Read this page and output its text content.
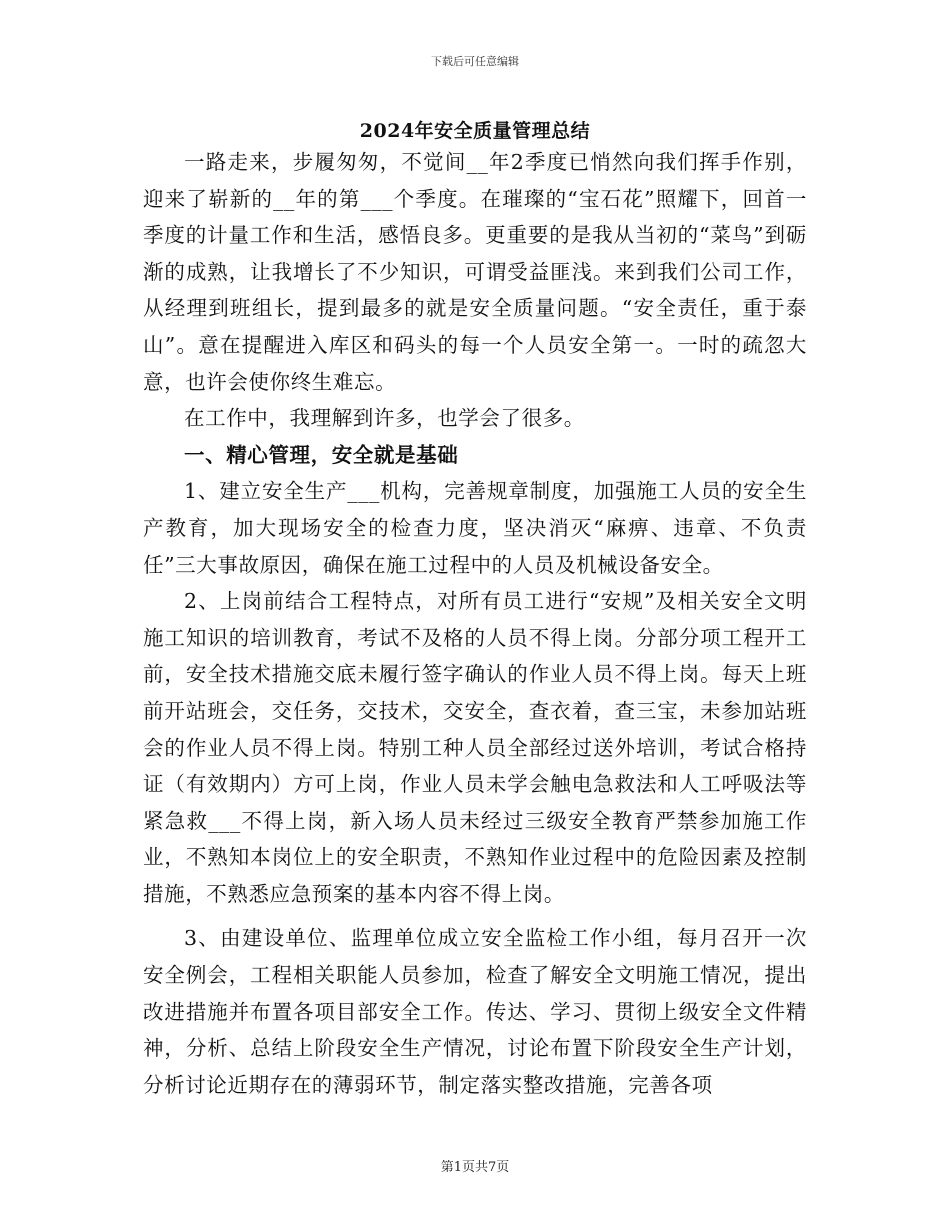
下载后可任意编辑
2024年安全质量管理总结

一路走来，步履匆匆，不觉间__年2季度已悄然向我们挥手作别，迎来了崭新的__年的第___个季度。在璀璨的“宝石花”照耀下，回首一季度的计量工作和生活，感悟良多。更重要的是我从当初的“菜鸟”到砺渐的成熟，让我增长了不少知识，可谓受益匪浅。来到我们公司工作，从经理到班组长，提到最多的就是安全质量问题。“安全责任，重于泰山”。意在提醒进入库区和码头的每一个人员安全第一。一时的疏忽大意，也许会使你终生难忘。

在工作中，我理解到许多，也学会了很多。

一、精心管理，安全就是基础

1、建立安全生产___机构，完善规章制度，加强施工人员的安全生产教育，加大现场安全的检查力度，坚决消灭“麻痹、违章、不负责任”三大事故原因，确保在施工过程中的人员及机械设备安全。

2、上岗前结合工程特点，对所有员工进行“安规”及相关安全文明施工知识的培训教育，考试不及格的人员不得上岗。分部分项工程开工前，安全技术措施交底未履行签字确认的作业人员不得上岗。每天上班前开站班会，交任务，交技术，交安全，查衣着，查三宝，未参加站班会的作业人员不得上岗。特别工种人员全部经过送外培训，考试合格持证（有效期内）方可上岗，作业人员未学会触电急救法和人工呼吸法等紧急救___不得上岗，新入场人员未经过三级安全教育严禁参加施工作业，不熟知本岗位上的安全职责，不熟知作业过程中的危险因素及控制措施，不熟悉应急预案的基本内容不得上岗。

3、由建设单位、监理单位成立安全监检工作小组，每月召开一次安全例会，工程相关职能人员参加，检查了解安全文明施工情况，提出改进措施并布置各项目部安全工作。传达、学习、贯彻上级安全文件精神，分析、总结上阶段安全生产情况，讨论布置下阶段安全生产计划，分析讨论近期存在的薄弱环节，制定落实整改措施，完善各项

第1页共7页
